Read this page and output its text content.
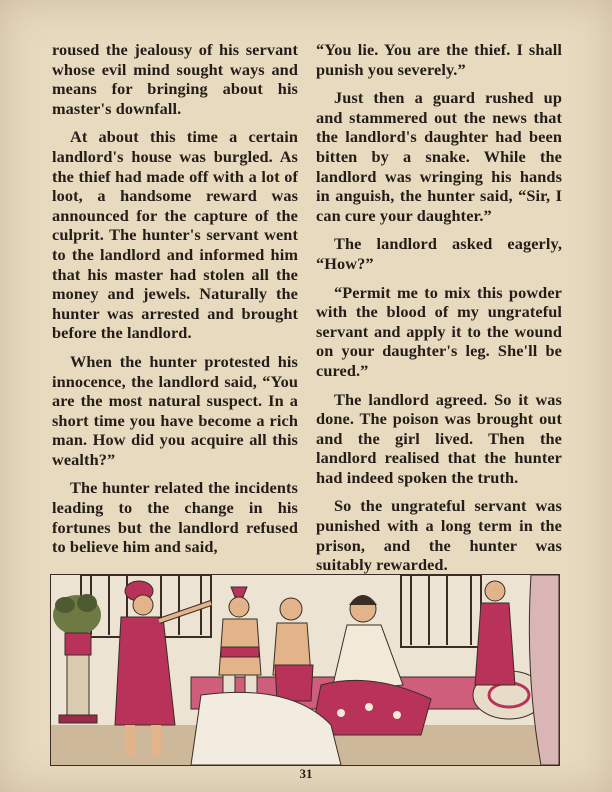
roused the jealousy of his servant whose evil mind sought ways and means for bringing about his master's downfall.

At about this time a certain landlord's house was burgled. As the thief had made off with a lot of loot, a handsome reward was announced for the capture of the culprit. The hunter's servant went to the landlord and informed him that his master had stolen all the money and jewels. Naturally the hunter was arrested and brought before the landlord.

When the hunter protested his innocence, the landlord said, “You are the most natural suspect. In a short time you have become a rich man. How did you acquire all this wealth?”

The hunter related the incidents leading to the change in his fortunes but the landlord refused to believe him and said,

“You lie. You are the thief. I shall punish you severely.”

Just then a guard rushed up and stammered out the news that the landlord's daughter had been bitten by a snake. While the landlord was wringing his hands in anguish, the hunter said, “Sir, I can cure your daughter.”

The landlord asked eagerly, “How?”

“Permit me to mix this powder with the blood of my ungrateful servant and apply it to the wound on your daughter's leg. She'll be cured.”

The landlord agreed. So it was done. The poison was brought out and the girl lived. Then the landlord realised that the hunter had indeed spoken the truth.

So the ungrateful servant was punished with a long term in the prison, and the hunter was suitably rewarded.

31
